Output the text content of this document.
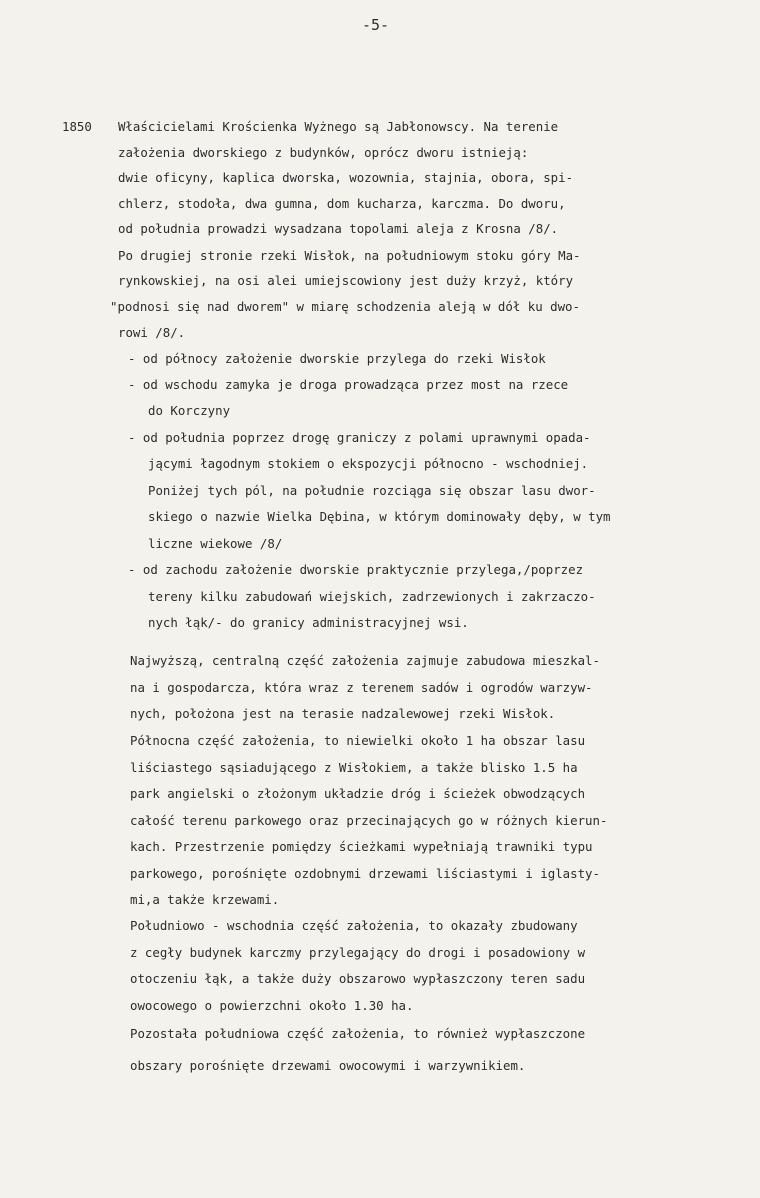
-5-
1850 Właścicielami Krościenka Wyżnego są Jabłonowscy. Na terenie
założenia dworskiego z budynków, oprócz dworu istnieją:
dwie oficyny, kaplica dworska, wozownia, stajnia, obora, spi-
chlerz, stodoła, dwa gumna, dom kucharza, karczma. Do dworu,
od południa prowadzi wysadzana topolami aleja z Krosna /8/.
Po drugiej stronie rzeki Wisłok, na południowym stoku góry Ma-
rynkowskiej, na osi alei umiejscowiony jest duży krzyż, który
"podnosi się nad dworem" w miarę schodzenia aleją w dół ku dwo-
rowi /8/.
- od północy założenie dworskie przylega do rzeki Wisłok
- od wschodu zamyka je droga prowadząca przez most na rzece
do Korczyny
- od południa poprzez drogę graniczy z polami uprawnymi opada-
jącymi łagodnym stokiem o ekspozycji północno - wschodniej.
Poniżej tych pól, na południe rozciąga się obszar lasu dwor-
skiego o nazwie Wielka Dębina, w którym dominowały dęby, w tym
liczne wiekowe /8/
- od zachodu założenie dworskie praktycznie przylega,/poprzez
tereny kilku zabudowań wiejskich, zadrzewionych i zakrzaczo-
nych łąk/- do granicy administracyjnej wsi.
Najwyższą, centralną część założenia zajmuje zabudowa mieszkal-
na i gospodarcza, która wraz z terenem sadów i ogrodów warzyw-
nych, położona jest na terasie nadzalewowej rzeki Wisłok.
Północna część założenia, to niewielki około 1 ha obszar lasu
liściastego sąsiadującego z Wisłokiem, a także blisko 1.5 ha
park angielski o złożonym układzie dróg i ścieżek obwodzących
całość terenu parkowego oraz przecinających go w różnych kierun-
kach. Przestrzenie pomiędzy ścieżkami wypełniają trawniki typu
parkowego, porośnięte ozdobnymi drzewami liściastymi i iglasty-
mi,a także krzewami.
Południowo - wschodnia część założenia, to okazały zbudowany
z cegły budynek karczmy przylegający do drogi i posadowiony w
otoczeniu łąk, a także duży obszarowo wypłaszczony teren sadu
owocowego o powierzchni około 1.30 ha.
Pozostała południowa część założenia, to również wypłaszczone
obszary porośnięte drzewami owocowymi i warzywnikiem.
